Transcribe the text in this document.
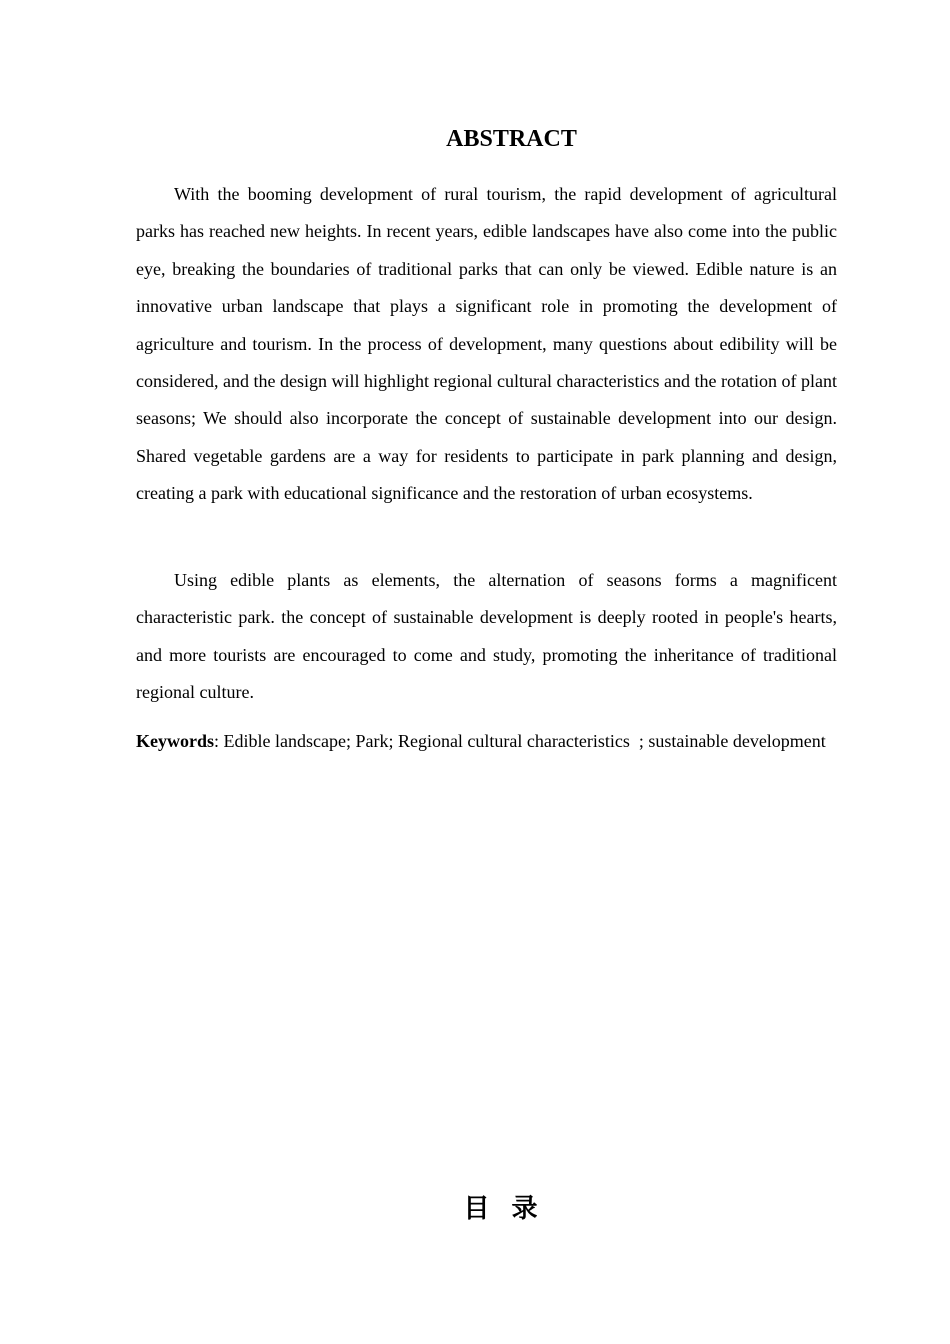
ABSTRACT

With the booming development of rural tourism, the rapid development of agricultural parks has reached new heights. In recent years, edible landscapes have also come into the public eye, breaking the boundaries of traditional parks that can only be viewed. Edible nature is an innovative urban landscape that plays a significant role in promoting the development of agriculture and tourism. In the process of development, many questions about edibility will be considered, and the design will highlight regional cultural characteristics and the rotation of plant seasons; We should also incorporate the concept of sustainable development into our design. Shared vegetable gardens are a way for residents to participate in park planning and design, creating a park with educational significance and the restoration of urban ecosystems.

Using edible plants as elements, the alternation of seasons forms a magnificent characteristic park. the concept of sustainable development is deeply rooted in people's hearts, and more tourists are encouraged to come and study, promoting the inheritance of traditional regional culture.

Keywords: Edible landscape; Park; Regional cultural characteristics  ; sustainable development

目录
